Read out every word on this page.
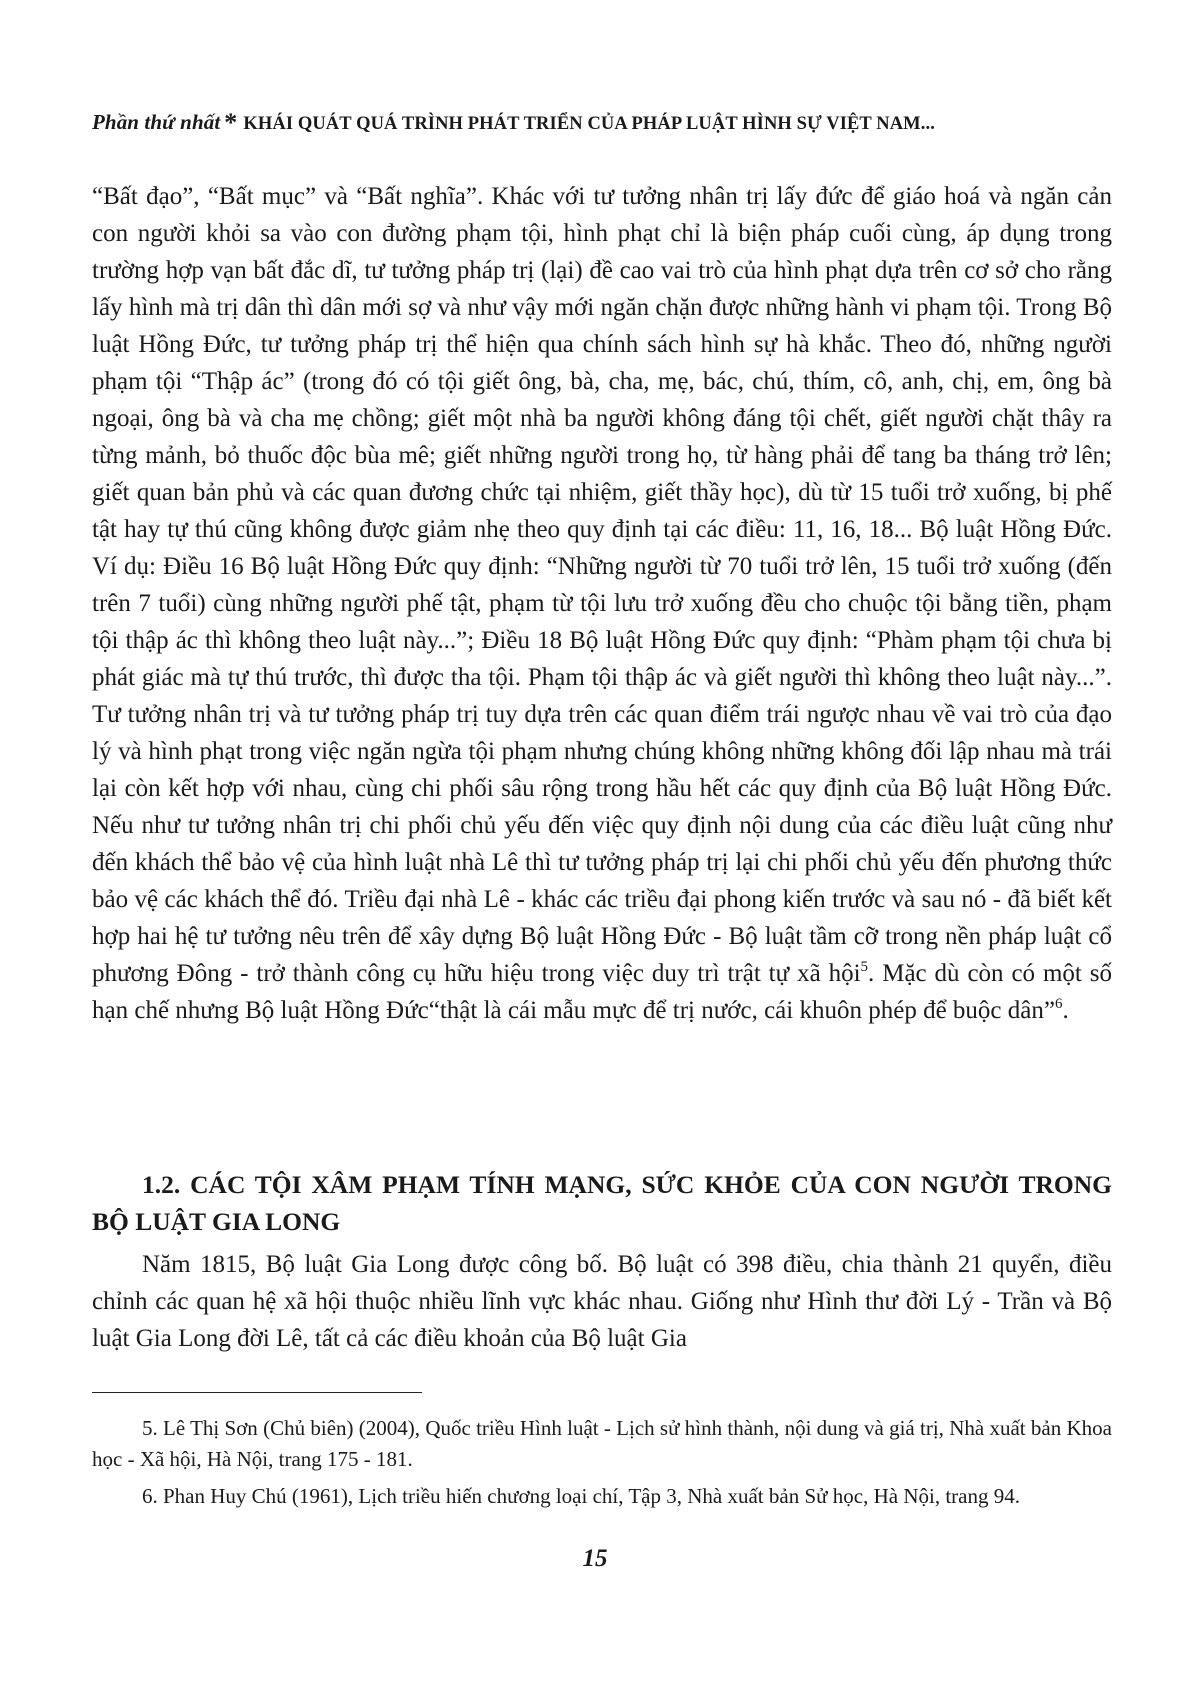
Phần thứ nhất * KHÁI QUÁT QUÁ TRÌNH PHÁT TRIỂN CỦA PHÁP LUẬT HÌNH SỰ VIỆT NAM...

“Bất đạo”, “Bất mục” và “Bất nghĩa”. Khác với tư tưởng nhân trị lấy đức để giáo hoá và ngăn cản con người khỏi sa vào con đường phạm tội, hình phạt chỉ là biện pháp cuối cùng, áp dụng trong trường hợp vạn bất đắc dĩ, tư tưởng pháp trị (lại) đề cao vai trò của hình phạt dựa trên cơ sở cho rằng lấy hình mà trị dân thì dân mới sợ và như vậy mới ngăn chặn được những hành vi phạm tội. Trong Bộ luật Hồng Đức, tư tưởng pháp trị thể hiện qua chính sách hình sự hà khắc. Theo đó, những người phạm tội “Thập ác” (trong đó có tội giết ông, bà, cha, mẹ, bác, chú, thím, cô, anh, chị, em, ông bà ngoại, ông bà và cha mẹ chồng; giết một nhà ba người không đáng tội chết, giết người chặt thây ra từng mảnh, bỏ thuốc độc bùa mê; giết những người trong họ, từ hàng phải để tang ba tháng trở lên; giết quan bản phủ và các quan đương chức tại nhiệm, giết thầy học), dù từ 15 tuổi trở xuống, bị phế tật hay tự thú cũng không được giảm nhẹ theo quy định tại các điều: 11, 16, 18... Bộ luật Hồng Đức. Ví dụ: Điều 16 Bộ luật Hồng Đức quy định: “Những người từ 70 tuổi trở lên, 15 tuổi trở xuống (đến trên 7 tuổi) cùng những người phế tật, phạm từ tội lưu trở xuống đều cho chuộc tội bằng tiền, phạm tội thập ác thì không theo luật này...”; Điều 18 Bộ luật Hồng Đức quy định: “Phàm phạm tội chưa bị phát giác mà tự thú trước, thì được tha tội. Phạm tội thập ác và giết người thì không theo luật này...”. Tư tưởng nhân trị và tư tưởng pháp trị tuy dựa trên các quan điểm trái ngược nhau về vai trò của đạo lý và hình phạt trong việc ngăn ngừa tội phạm nhưng chúng không những không đối lập nhau mà trái lại còn kết hợp với nhau, cùng chi phối sâu rộng trong hầu hết các quy định của Bộ luật Hồng Đức. Nếu như tư tưởng nhân trị chi phối chủ yếu đến việc quy định nội dung của các điều luật cũng như đến khách thể bảo vệ của hình luật nhà Lê thì tư tưởng pháp trị lại chi phối chủ yếu đến phương thức bảo vệ các khách thể đó. Triều đại nhà Lê - khác các triều đại phong kiến trước và sau nó - đã biết kết hợp hai hệ tư tưởng nêu trên để xây dựng Bộ luật Hồng Đức - Bộ luật tầm cỡ trong nền pháp luật cổ phương Đông - trở thành công cụ hữu hiệu trong việc duy trì trật tự xã hội$^5$. Mặc dù còn có một số hạn chế nhưng Bộ luật Hồng Đức“thật là cái mẫu mực để trị nước, cái khuôn phép để buộc dân”$^6$.

1.2. CÁC TỘI XÂM PHẠM TÍNH MẠNG, SỨC KHỎE CỦA CON NGƯỜI TRONG BỘ LUẬT GIA LONG

Năm 1815, Bộ luật Gia Long được công bố. Bộ luật có 398 điều, chia thành 21 quyển, điều chỉnh các quan hệ xã hội thuộc nhiều lĩnh vực khác nhau. Giống như Hình thư đời Lý - Trần và Bộ luật Gia Long đời Lê, tất cả các điều khoản của Bộ luật Gia

5. Lê Thị Sơn (Chủ biên) (2004), Quốc triều Hình luật - Lịch sử hình thành, nội dung và giá trị, Nhà xuất bản Khoa học - Xã hội, Hà Nội, trang 175 - 181.

6. Phan Huy Chú (1961), Lịch triều hiến chương loại chí, Tập 3, Nhà xuất bản Sử học, Hà Nội, trang 94.

15
